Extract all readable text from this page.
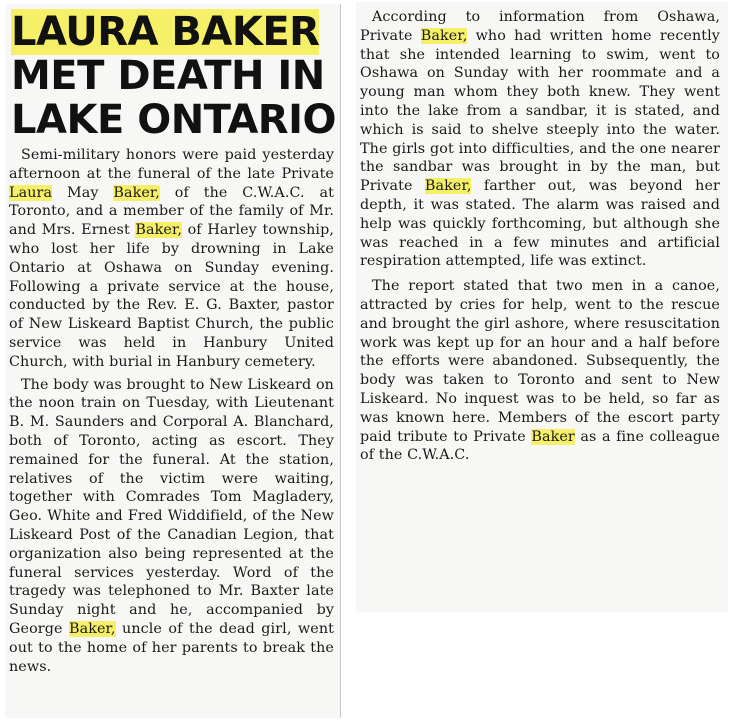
LAURA BAKER
MET DEATH IN
LAKE ONTARIO

Semi-military honors were paid yesterday afternoon at the funeral of the late Private Laura May Baker, of the C.W.A.C. at Toronto, and a member of the family of Mr. and Mrs. Ernest Baker, of Harley township, who lost her life by drowning in Lake Ontario at Oshawa on Sunday evening. Following a private service at the house, conducted by the Rev. E. G. Baxter, pastor of New Liskeard Baptist Church, the public service was held in Hanbury United Church, with burial in Hanbury cemetery.

The body was brought to New Liskeard on the noon train on Tuesday, with Lieutenant B. M. Saunders and Corporal A. Blanchard, both of Toronto, acting as escort. They remained for the funeral. At the station, relatives of the victim were waiting, together with Comrades Tom Magladery, Geo. White and Fred Widdifield, of the New Liskeard Post of the Canadian Legion, that organization also being represented at the funeral services yesterday. Word of the tragedy was telephoned to Mr. Baxter late Sunday night and he, accompanied by George Baker, uncle of the dead girl, went out to the home of her parents to break the news.

According to information from Oshawa, Private Baker, who had written home recently that she intended learning to swim, went to Oshawa on Sunday with her roommate and a young man whom they both knew. They went into the lake from a sandbar, it is stated, and which is said to shelve steeply into the water. The girls got into difficulties, and the one nearer the sandbar was brought in by the man, but Private Baker, farther out, was beyond her depth, it was stated. The alarm was raised and help was quickly forthcoming, but although she was reached in a few minutes and artificial respiration attempted, life was extinct.

The report stated that two men in a canoe, attracted by cries for help, went to the rescue and brought the girl ashore, where resuscitation work was kept up for an hour and a half before the efforts were abandoned. Subsequently, the body was taken to Toronto and sent to New Liskeard. No inquest was to be held, so far as was known here. Members of the escort party paid tribute to Private Baker as a fine colleague of the C.W.A.C.
